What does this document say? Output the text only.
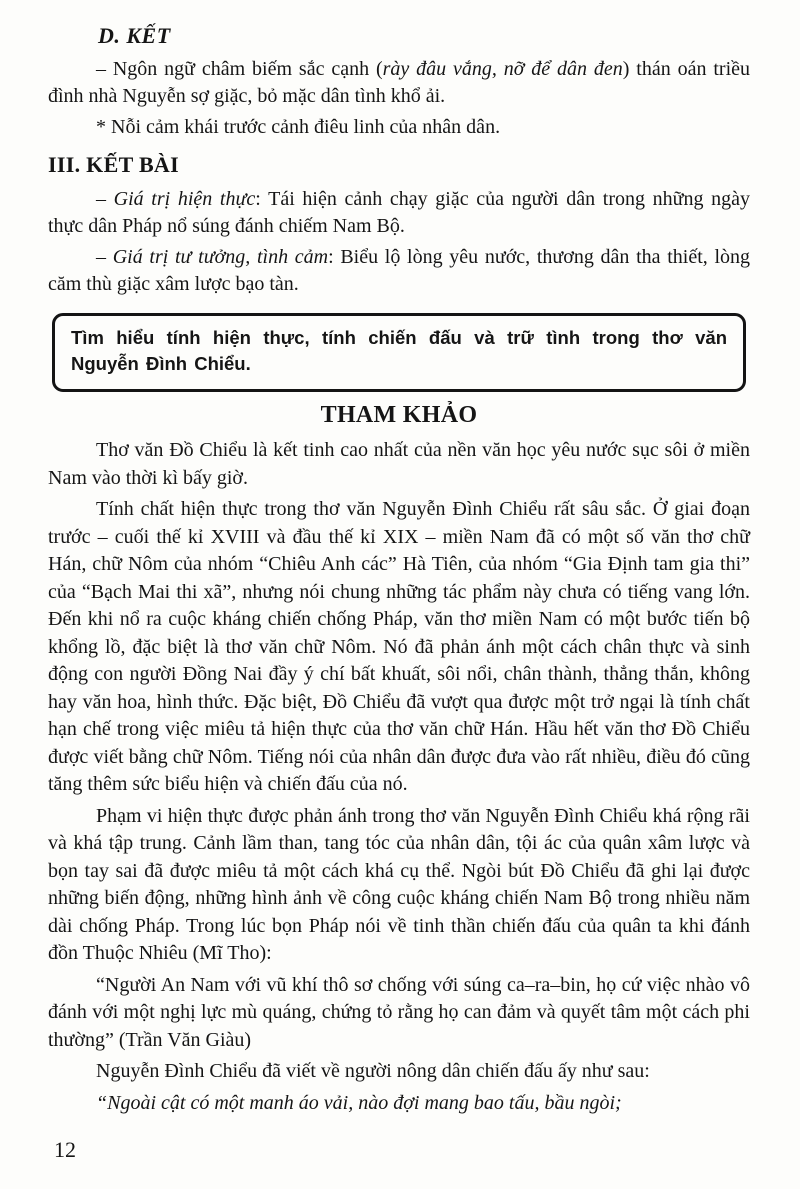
D. KẾT

– Ngôn ngữ châm biếm sắc cạnh (rày đâu vắng, nỡ để dân đen) thán oán triều đình nhà Nguyễn sợ giặc, bỏ mặc dân tình khổ ải.

* Nỗi cảm khái trước cảnh điêu linh của nhân dân.

III. KẾT BÀI

– Giá trị hiện thực: Tái hiện cảnh chạy giặc của người dân trong những ngày thực dân Pháp nổ súng đánh chiếm Nam Bộ.

– Giá trị tư tưởng, tình cảm: Biểu lộ lòng yêu nước, thương dân tha thiết, lòng căm thù giặc xâm lược bạo tàn.

Tìm hiểu tính hiện thực, tính chiến đấu và trữ tình trong thơ văn Nguyễn Đình Chiểu.
THAM KHẢO

Thơ văn Đồ Chiểu là kết tinh cao nhất của nền văn học yêu nước sục sôi ở miền Nam vào thời kì bấy giờ.

Tính chất hiện thực trong thơ văn Nguyễn Đình Chiểu rất sâu sắc. Ở giai đoạn trước – cuối thế kỉ XVIII và đầu thế kỉ XIX – miền Nam đã có một số văn thơ chữ Hán, chữ Nôm của nhóm “Chiêu Anh các” Hà Tiên, của nhóm “Gia Định tam gia thi” của “Bạch Mai thi xã”, nhưng nói chung những tác phẩm này chưa có tiếng vang lớn. Đến khi nổ ra cuộc kháng chiến chống Pháp, văn thơ miền Nam có một bước tiến bộ khổng lồ, đặc biệt là thơ văn chữ Nôm. Nó đã phản ánh một cách chân thực và sinh động con người Đồng Nai đầy ý chí bất khuất, sôi nổi, chân thành, thẳng thắn, không hay văn hoa, hình thức. Đặc biệt, Đồ Chiểu đã vượt qua được một trở ngại là tính chất hạn chế trong việc miêu tả hiện thực của thơ văn chữ Hán. Hầu hết văn thơ Đồ Chiểu được viết bằng chữ Nôm. Tiếng nói của nhân dân được đưa vào rất nhiều, điều đó cũng tăng thêm sức biểu hiện và chiến đấu của nó.

Phạm vi hiện thực được phản ánh trong thơ văn Nguyễn Đình Chiểu khá rộng rãi và khá tập trung. Cảnh lầm than, tang tóc của nhân dân, tội ác của quân xâm lược và bọn tay sai đã được miêu tả một cách khá cụ thể. Ngòi bút Đồ Chiểu đã ghi lại được những biến động, những hình ảnh về công cuộc kháng chiến Nam Bộ trong nhiều năm dài chống Pháp. Trong lúc bọn Pháp nói về tinh thần chiến đấu của quân ta khi đánh đồn Thuộc Nhiêu (Mĩ Tho):

“Người An Nam với vũ khí thô sơ chống với súng ca–ra–bin, họ cứ việc nhào vô đánh với một nghị lực mù quáng, chứng tỏ rằng họ can đảm và quyết tâm một cách phi thường” (Trần Văn Giàu)

Nguyễn Đình Chiểu đã viết về người nông dân chiến đấu ấy như sau:

“Ngoài cật có một manh áo vải, nào đợi mang bao tấu, bầu ngòi;

12
